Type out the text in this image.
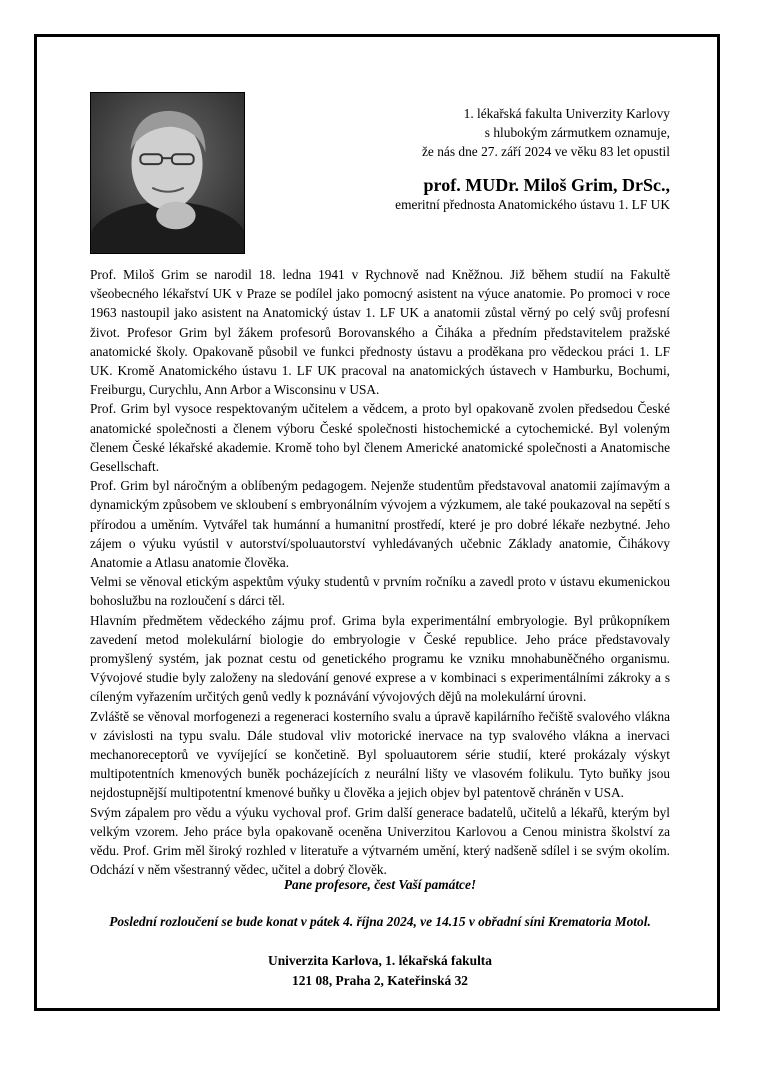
1. lékařská fakulta Univerzity Karlovy
s hlubokým zármutkem oznamuje,
že nás dne 27. září 2024 ve věku 83 let opustil
prof. MUDr. Miloš Grim, DrSc.,
emeritní přednosta Anatomického ústavu 1. LF UK

Prof. Miloš Grim se narodil 18. ledna 1941 v Rychnově nad Kněžnou. Již během studií na Fakultě všeobecného lékařství UK v Praze se podílel jako pomocný asistent na výuce anatomie. Po promoci v roce 1963 nastoupil jako asistent na Anatomický ústav 1. LF UK a anatomii zůstal věrný po celý svůj profesní život. Profesor Grim byl žákem profesorů Borovanského a Čiháka a předním představitelem pražské anatomické školy. Opakovaně působil ve funkci přednosty ústavu a proděkana pro vědeckou práci 1. LF UK. Kromě Anatomického ústavu 1. LF UK pracoval na anatomických ústavech v Hamburku, Bochumi, Freiburgu, Curychlu, Ann Arbor a Wisconsinu v USA.

Prof. Grim byl vysoce respektovaným učitelem a vědcem, a proto byl opakovaně zvolen předsedou České anatomické společnosti a členem výboru České společnosti histochemické a cytochemické. Byl voleným členem České lékařské akademie. Kromě toho byl členem Americké anatomické společnosti a Anatomische Gesellschaft.

Prof. Grim byl náročným a oblíbeným pedagogem. Nejenže studentům představoval anatomii zajímavým a dynamickým způsobem ve skloubení s embryonálním vývojem a výzkumem, ale také poukazoval na sepětí s přírodou a uměním. Vytvářel tak humánní a humanitní prostředí, které je pro dobré lékaře nezbytné. Jeho zájem o výuku vyústil v autorství/spoluautorství vyhledávaných učebnic Základy anatomie, Čihákovy Anatomie a Atlasu anatomie člověka.

Velmi se věnoval etickým aspektům výuky studentů v prvním ročníku a zavedl proto v ústavu ekumenickou bohoslužbu na rozloučení s dárci těl.

Hlavním předmětem vědeckého zájmu prof. Grima byla experimentální embryologie. Byl průkopníkem zavedení metod molekulární biologie do embryologie v České republice. Jeho práce představovaly promyšlený systém, jak poznat cestu od genetického programu ke vzniku mnohabuněčného organismu. Vývojové studie byly založeny na sledování genové exprese a v kombinaci s experimentálními zákroky a s cíleným vyřazením určitých genů vedly k poznávání vývojových dějů na molekulární úrovni.

Zvláště se věnoval morfogenezi a regeneraci kosterního svalu a úpravě kapilárního řečiště svalového vlákna v závislosti na typu svalu. Dále studoval vliv motorické inervace na typ svalového vlákna a inervaci mechanoreceptorů ve vyvíjející se končetině. Byl spoluautorem série studií, které prokázaly výskyt multipotentních kmenových buněk pocházejících z neurální lišty ve vlasovém folikulu. Tyto buňky jsou nejdostupnější multipotentní kmenové buňky u člověka a jejich objev byl patentově chráněn v USA.

Svým zápalem pro vědu a výuku vychoval prof. Grim další generace badatelů, učitelů a lékařů, kterým byl velkým vzorem. Jeho práce byla opakovaně oceněna Univerzitou Karlovou a Cenou ministra školství za vědu. Prof. Grim měl široký rozhled v literatuře a výtvarném umění, který nadšeně sdílel i se svým okolím. Odchází v něm všestranný vědec, učitel a dobrý člověk.

Pane profesore, čest Vaší památce!
Poslední rozloučení se bude konat v pátek 4. října 2024, ve 14.15 v obřadní síni Krematoria Motol.
Univerzita Karlova, 1. lékařská fakulta
121 08, Praha 2, Kateřinská 32
